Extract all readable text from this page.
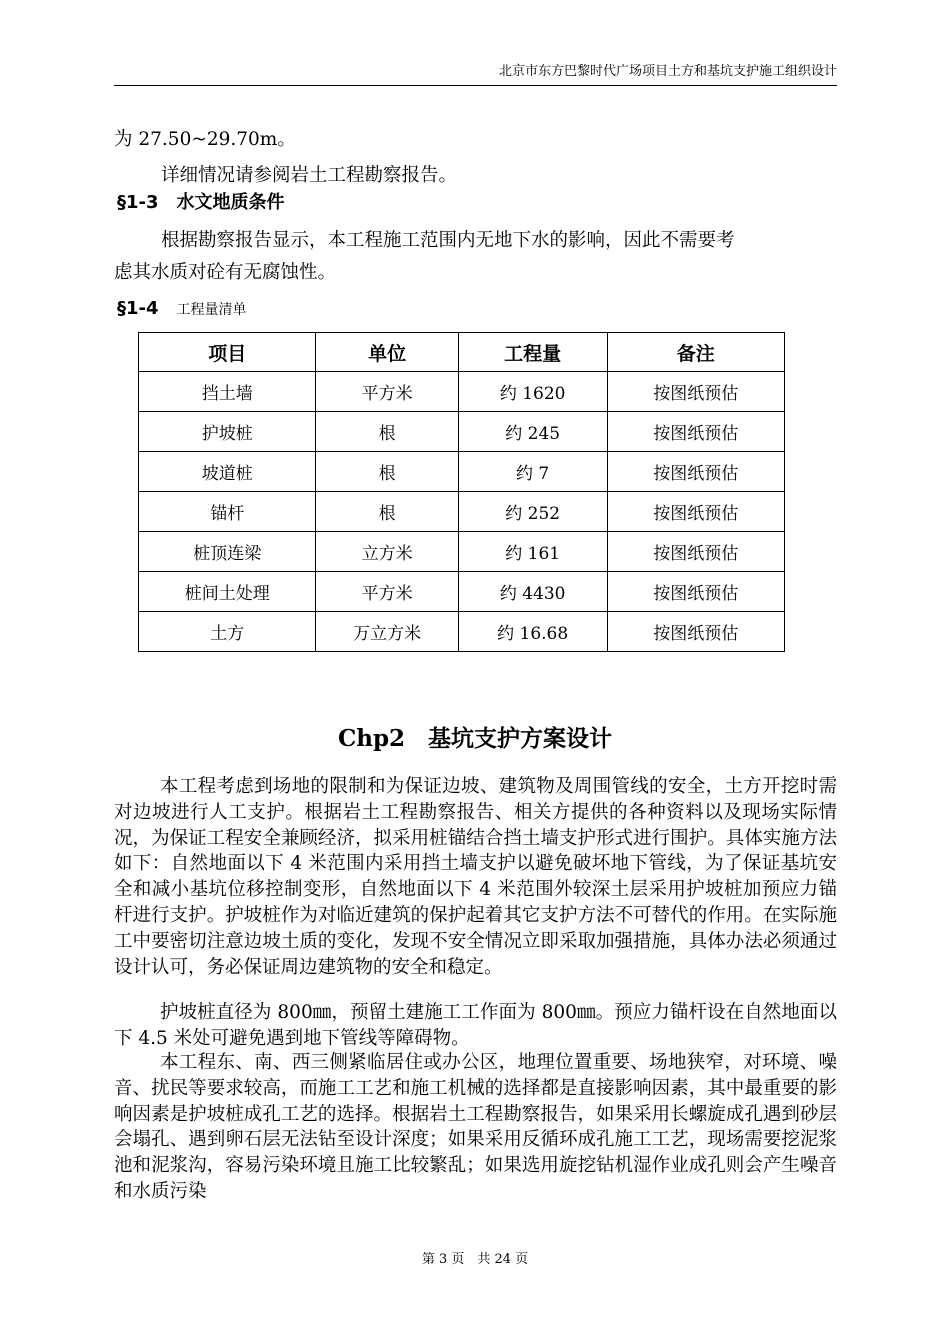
北京市东方巴黎时代广场项目土方和基坑支护施工组织设计
为 27.50~29.70m。
详细情况请参阅岩土工程勘察报告。
§1-3　水文地质条件
根据勘察报告显示，本工程施工范围内无地下水的影响，因此不需要考
虑其水质对砼有无腐蚀性。
§1-4 工程量清单
项目	单位	工程量	备注
挡土墙	平方米	约 1620	按图纸预估
护坡桩	根	约 245	按图纸预估
坡道桩	根	约 7	按图纸预估
锚杆	根	约 252	按图纸预估
桩顶连梁	立方米	约 161	按图纸预估
桩间土处理	平方米	约 4430	按图纸预估
土方	万立方米	约 16.68	按图纸预估
Chp2　基坑支护方案设计
本工程考虑到场地的限制和为保证边坡、建筑物及周围管线的安全，土方开挖时需对边坡进行人工支护。根据岩土工程勘察报告、相关方提供的各种资料以及现场实际情况，为保证工程安全兼顾经济，拟采用桩锚结合挡土墙支护形式进行围护。具体实施方法如下：自然地面以下 4 米范围内采用挡土墙支护以避免破坏地下管线，为了保证基坑安全和减小基坑位移控制变形，自然地面以下 4 米范围外较深土层采用护坡桩加预应力锚杆进行支护。护坡桩作为对临近建筑的保护起着其它支护方法不可替代的作用。在实际施工中要密切注意边坡土质的变化，发现不安全情况立即采取加强措施，具体办法必须通过设计认可，务必保证周边建筑物的安全和稳定。
护坡桩直径为 800㎜，预留土建施工工作面为 800㎜。预应力锚杆设在自然地面以下 4.5 米处可避免遇到地下管线等障碍物。
本工程东、南、西三侧紧临居住或办公区，地理位置重要、场地狭窄，对环境、噪音、扰民等要求较高，而施工工艺和施工机械的选择都是直接影响因素，其中最重要的影响因素是护坡桩成孔工艺的选择。根据岩土工程勘察报告，如果采用长螺旋成孔遇到砂层会塌孔、遇到卵石层无法钻至设计深度；如果采用反循环成孔施工工艺，现场需要挖泥浆池和泥浆沟，容易污染环境且施工比较繁乱；如果选用旋挖钻机湿作业成孔则会产生噪音和水质污染
第 3 页　共 24 页
